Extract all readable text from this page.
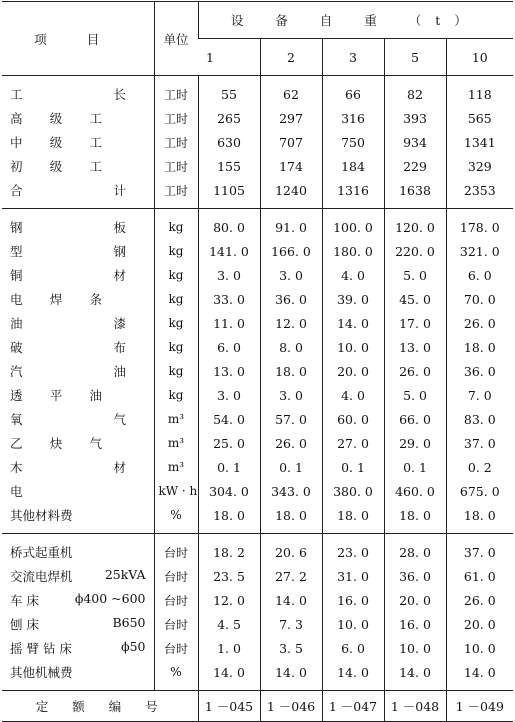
项 目	单位	设 备 自 重 （t）				
		1	2	3	5	10

工 长	工时	55	62	66	82	118

高 级 工	工时	265	297	316	393	565

中 级 工	工时	630	707	750	934	1341

初 级 工	工时	155	174	184	229	329

合 计	工时	1105	1240	1316	1638	2353

钢 板	kg	80. 0	91. 0	100. 0	120. 0	178. 0

型 钢	kg	141. 0	166. 0	180. 0	220. 0	321. 0

铜 材	kg	3. 0	3. 0	4. 0	5. 0	6. 0

电 焊 条	kg	33. 0	36. 0	39. 0	45. 0	70. 0

油 漆	kg	11. 0	12. 0	14. 0	17. 0	26. 0

破 布	kg	6. 0	8. 0	10. 0	13. 0	18. 0

汽 油	kg	13. 0	18. 0	20. 0	26. 0	36. 0

透 平 油	kg	3. 0	3. 0	4. 0	5. 0	7. 0

氧 气	m³	54. 0	57. 0	60. 0	66. 0	83. 0

乙 炔 气	m³	25. 0	26. 0	27. 0	29. 0	37. 0

木 材	m³	0. 1	0. 1	0. 1	0. 1	0. 2
电	kW · h	304. 0	343. 0	380. 0	460. 0	675. 0
其他材料费	%	18. 0	18. 0	18. 0	18. 0	18. 0

桥式起重机	台时	18. 2	20. 6	23. 0	28. 0	37. 0

交流电焊机 25kVA	台时	23. 5	27. 2	31. 0	36. 0	61. 0

车 床 ϕ400 ~600	台时	12. 0	14. 0	16. 0	20. 0	26. 0

刨 床 B650	台时	4. 5	7. 3	10. 0	16. 0	20. 0

摇 臂 钻 床 ϕ50	台时	1. 0	3. 5	6. 0	10. 0	10. 0

其他机械费	%	14. 0	14. 0	14. 0	14. 0	14. 0

定 额 编 号		1 －045	1 －046	1 －047	1 －048	1 －049
